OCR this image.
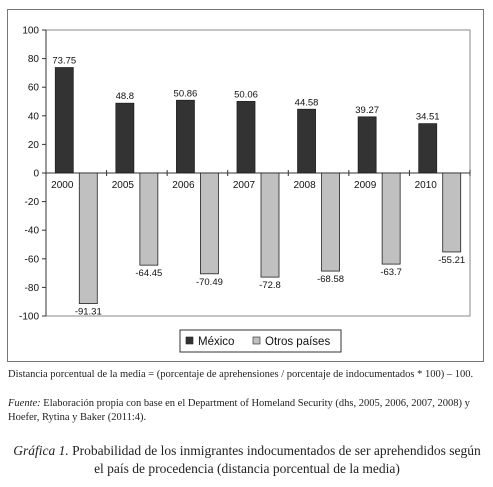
100
80
60
40
20
0
-20
-40
-60
-80
-100
2000	2005	2006	2007	2008	2009	2010
73.75
-91.31
48.8
-64.45
50.86
-70.49
50.06
-72.8
44.58
-68.58
39.27
-63.7
34.51
-55.21
México	Otros países
Distancia porcentual de la media = (porcentaje de aprehensiones / porcentaje de indocumentados * 100) – 100.
Fuente: Elaboración propia con base en el Department of Homeland Security (dhs, 2005, 2006, 2007, 2008) y Hoefer, Rytina y Baker (2011:4).
Gráfica 1. Probabilidad de los inmigrantes indocumentados de ser aprehendidos según el país de procedencia (distancia porcentual de la media)
